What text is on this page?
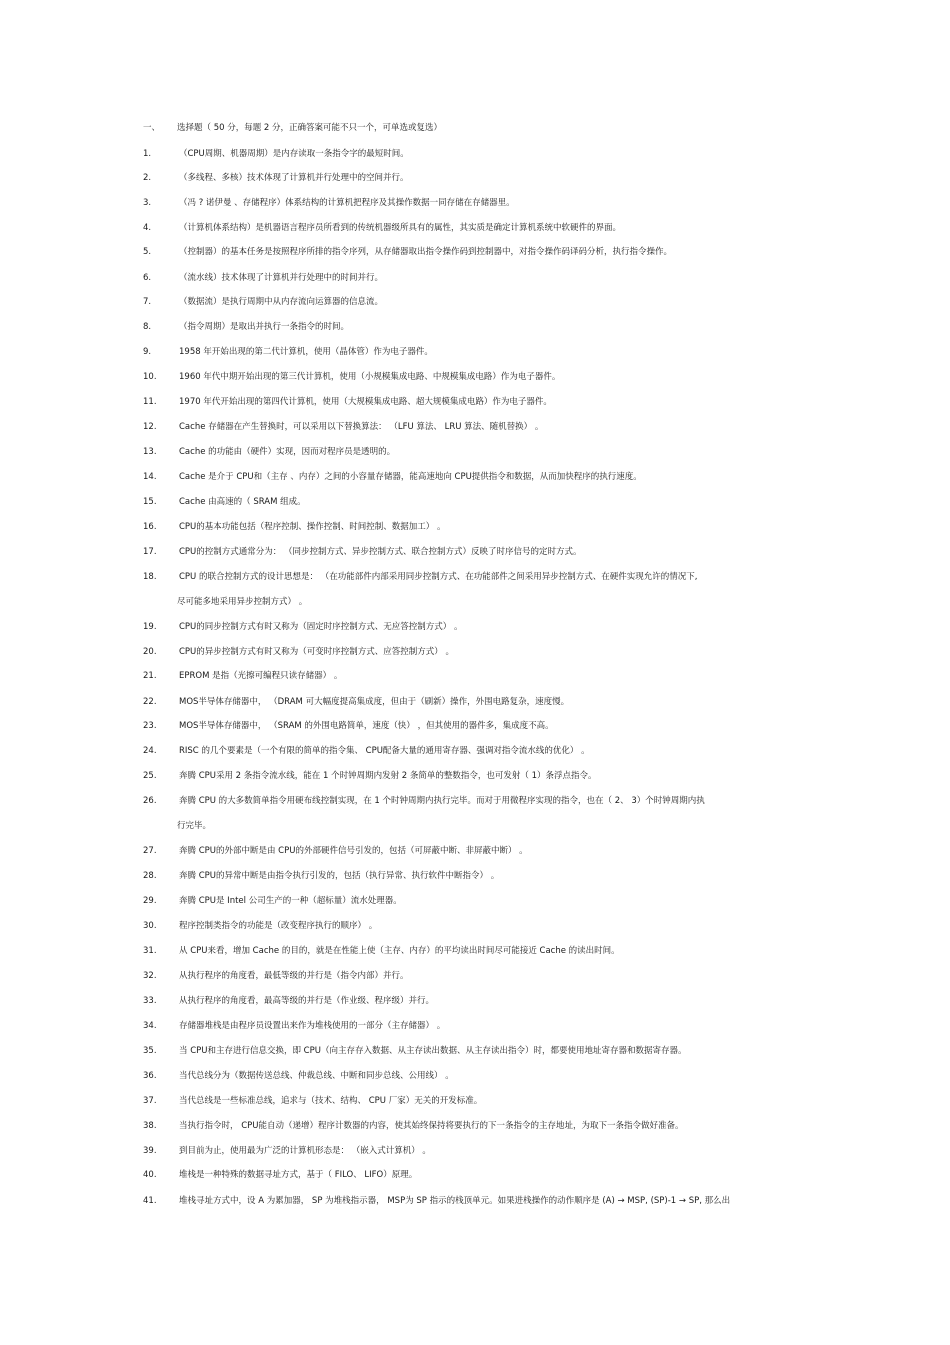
一、 选择题（ 50 分，每题 2 分，正确答案可能不只一个，可单选或复选）
1.	（CPU周期、机器周期）是内存读取一条指令字的最短时间。
2.	（多线程、多核）技术体现了计算机并行处理中的空间并行。
3.	（冯 ? 诺伊曼 、存储程序）体系结构的计算机把程序及其操作数据一同存储在存储器里。
4.	（计算机体系结构）是机器语言程序员所看到的传统机器级所具有的属性，其实质是确定计算机系统中软硬件的界面。
5.	（控制器）的基本任务是按照程序所排的指令序列，从存储器取出指令操作码到控制器中，对指令操作码译码分析，执行指令操作。
6.	（流水线）技术体现了计算机并行处理中的时间并行。
7.	（数据流）是执行周期中从内存流向运算器的信息流。
8.	（指令周期）是取出并执行一条指令的时间。
9.	1958 年开始出现的第二代计算机，使用（晶体管）作为电子器件。
10.	1960 年代中期开始出现的第三代计算机，使用（小规模集成电路、中规模集成电路）作为电子器件。
11.	1970 年代开始出现的第四代计算机，使用（大规模集成电路、超大规模集成电路）作为电子器件。
12.	Cache 存储器在产生替换时，可以采用以下替换算法： （LFU 算法、 LRU 算法、随机替换） 。
13.	Cache 的功能由（硬件）实现，因而对程序员是透明的。
14.	Cache 是介于 CPU和（主存 、内存）之间的小容量存储器，能高速地向 CPU提供指令和数据，从而加快程序的执行速度。
15.	Cache 由高速的（ SRAM 组成。
16.	CPU的基本功能包括（程序控制、操作控制、时间控制、数据加工） 。
17.	CPU的控制方式通常分为： （同步控制方式、异步控制方式、联合控制方式）反映了时序信号的定时方式。
18.	CPU 的联合控制方式的设计思想是： （在功能部件内部采用同步控制方式、在功能部件之间采用异步控制方式、在硬件实现允许的情况下,
尽可能多地采用异步控制方式） 。
19.	CPU的同步控制方式有时又称为（固定时序控制方式、无应答控制方式） 。
20.	CPU的异步控制方式有时又称为（可变时序控制方式、应答控制方式） 。
21.	EPROM 是指（光擦可编程只读存储器） 。
22.	MOS半导体存储器中， （DRAM 可大幅度提高集成度，但由于（刷新）操作，外围电路复杂，速度慢。
23.	MOS半导体存储器中， （SRAM 的外围电路简单，速度（快） ，但其使用的器件多，集成度不高。
24.	RISC 的几个要素是（一个有限的简单的指令集、 CPU配备大量的通用寄存器、强调对指令流水线的优化） 。
25.	奔腾 CPU采用 2 条指令流水线，能在 1 个时钟周期内发射 2 条简单的整数指令，也可发射（ 1）条浮点指令。
26.	奔腾 CPU 的大多数简单指令用硬布线控制实现，在 1 个时钟周期内执行完毕。而对于用微程序实现的指令，也在（ 2、 3）个时钟周期内执
行完毕。
27.	奔腾 CPU的外部中断是由 CPU的外部硬件信号引发的，包括（可屏蔽中断、非屏蔽中断） 。
28.	奔腾 CPU的异常中断是由指令执行引发的，包括（执行异常、执行软件中断指令） 。
29.	奔腾 CPU是 Intel 公司生产的一种（超标量）流水处理器。
30.	程序控制类指令的功能是（改变程序执行的顺序） 。
31.	从 CPU来看，增加 Cache 的目的，就是在性能上使（主存、内存）的平均读出时间尽可能接近 Cache 的读出时间。
32.	从执行程序的角度看，最低等级的并行是（指令内部）并行。
33.	从执行程序的角度看，最高等级的并行是（作业级、程序级）并行。
34.	存储器堆栈是由程序员设置出来作为堆栈使用的一部分（主存储器） 。
35.	当 CPU和主存进行信息交换，即 CPU（向主存存入数据、从主存读出数据、从主存读出指令）时，都要使用地址寄存器和数据寄存器。
36.	当代总线分为（数据传送总线、仲裁总线、中断和同步总线、公用线） 。
37.	当代总线是一些标准总线，追求与（技术、结构、 CPU 厂家）无关的开发标准。
38.	当执行指令时， CPU能自动（递增）程序计数器的内容，使其始终保持将要执行的下一条指令的主存地址，为取下一条指令做好准备。
39.	到目前为止，使用最为广泛的计算机形态是： （嵌入式计算机） 。
40.	堆栈是一种特殊的数据寻址方式，基于（ FILO、 LIFO）原理。
41.	堆栈寻址方式中，设 A 为累加器， SP 为堆栈指示器， MSP为 SP 指示的栈顶单元。如果进栈操作的动作顺序是 (A) → MSP, (SP)-1 → SP, 那么出
